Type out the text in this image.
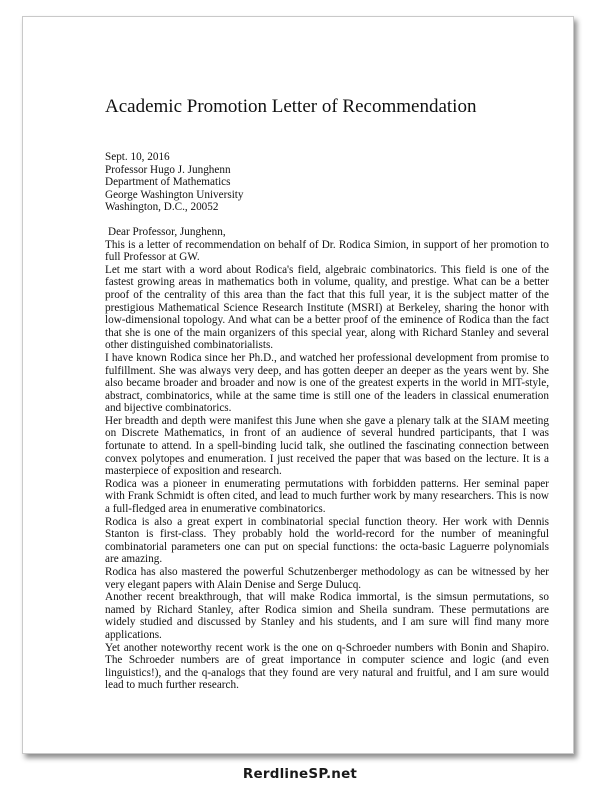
Academic Promotion Letter of Recommendation
Sept. 10, 2016
Professor Hugo J. Junghenn
Department of Mathematics
George Washington University
Washington, D.C., 20052

Dear Professor, Junghenn,

This is a letter of recommendation on behalf of Dr. Rodica Simion, in support of her promotion to full Professor at GW.

Let me start with a word about Rodica's field, algebraic combinatorics. This field is one of the fastest growing areas in mathematics both in volume, quality, and prestige. What can be a better proof of the centrality of this area than the fact that this full year, it is the subject matter of the prestigious Mathematical Science Research Institute (MSRI) at Berkeley, sharing the honor with low-dimensional topology. And what can be a better proof of the eminence of Rodica than the fact that she is one of the main organizers of this special year, along with Richard Stanley and several other distinguished combinatorialists.

I have known Rodica since her Ph.D., and watched her professional development from promise to fulfillment. She was always very deep, and has gotten deeper an deeper as the years went by. She also became broader and broader and now is one of the greatest experts in the world in MIT-style, abstract, combinatorics, while at the same time is still one of the leaders in classical enumeration and bijective combinatorics.

Her breadth and depth were manifest this June when she gave a plenary talk at the SIAM meeting on Discrete Mathematics, in front of an audience of several hundred participants, that I was fortunate to attend. In a spell-binding lucid talk, she outlined the fascinating connection between convex polytopes and enumeration. I just received the paper that was based on the lecture. It is a masterpiece of exposition and research.

Rodica was a pioneer in enumerating permutations with forbidden patterns. Her seminal paper with Frank Schmidt is often cited, and lead to much further work by many researchers. This is now a full-fledged area in enumerative combinatorics.

Rodica is also a great expert in combinatorial special function theory. Her work with Dennis Stanton is first-class. They probably hold the world-record for the number of meaningful combinatorial parameters one can put on special functions: the octa-basic Laguerre polynomials are amazing.

Rodica has also mastered the powerful Schutzenberger methodology as can be witnessed by her very elegant papers with Alain Denise and Serge Dulucq.

Another recent breakthrough, that will make Rodica immortal, is the simsun permutations, so named by Richard Stanley, after Rodica simion and Sheila sundram. These permutations are widely studied and discussed by Stanley and his students, and I am sure will find many more applications.

Yet another noteworthy recent work is the one on q-Schroeder numbers with Bonin and Shapiro. The Schroeder numbers are of great importance in computer science and logic (and even linguistics!), and the q-analogs that they found are very natural and fruitful, and I am sure would lead to much further research.

RerdlineSP.net
